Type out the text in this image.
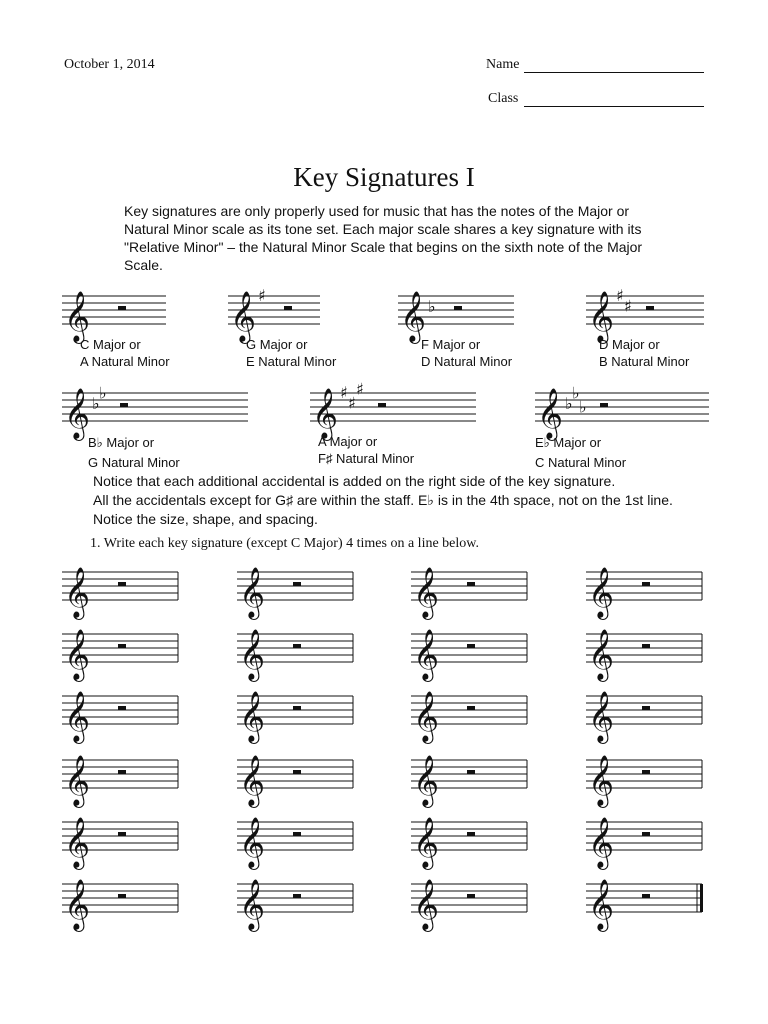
October 1, 2014	Name
Class
Key Signatures I
Key signatures are only properly used for music that has the notes of the Major or Natural Minor scale as its tone set. Each major scale shares a key signature with its "Relative Minor" – the Natural Minor Scale that begins on the sixth note of the Major Scale.
C Major or
A Natural Minor
G Major or
E Natural Minor
F Major or
D Natural Minor
D Major or
B Natural Minor
B♭ Major or
G Natural Minor
A Major or
F♯ Natural Minor
E♭ Major or
C Natural Minor
Notice that each additional accidental is added on the right side of the key signature.
All the accidentals except for G♯ are within the staff. E♭ is in the 4th space, not on the 1st line.
Notice the size, shape, and spacing.
1. Write each key signature (except C Major) 4 times on a line below.
𝄞	𝄞 ♯	𝄞 ♭	𝄞 ♯
♯
𝄞 ♭
♭	𝄞 ♯
♯
♯	𝄞 ♭
♭
♭
𝄞	𝄞	𝄞	𝄞
𝄞	𝄞	𝄞	𝄞
𝄞	𝄞	𝄞	𝄞
𝄞	𝄞	𝄞	𝄞
𝄞	𝄞	𝄞	𝄞
𝄞	𝄞	𝄞	𝄞
